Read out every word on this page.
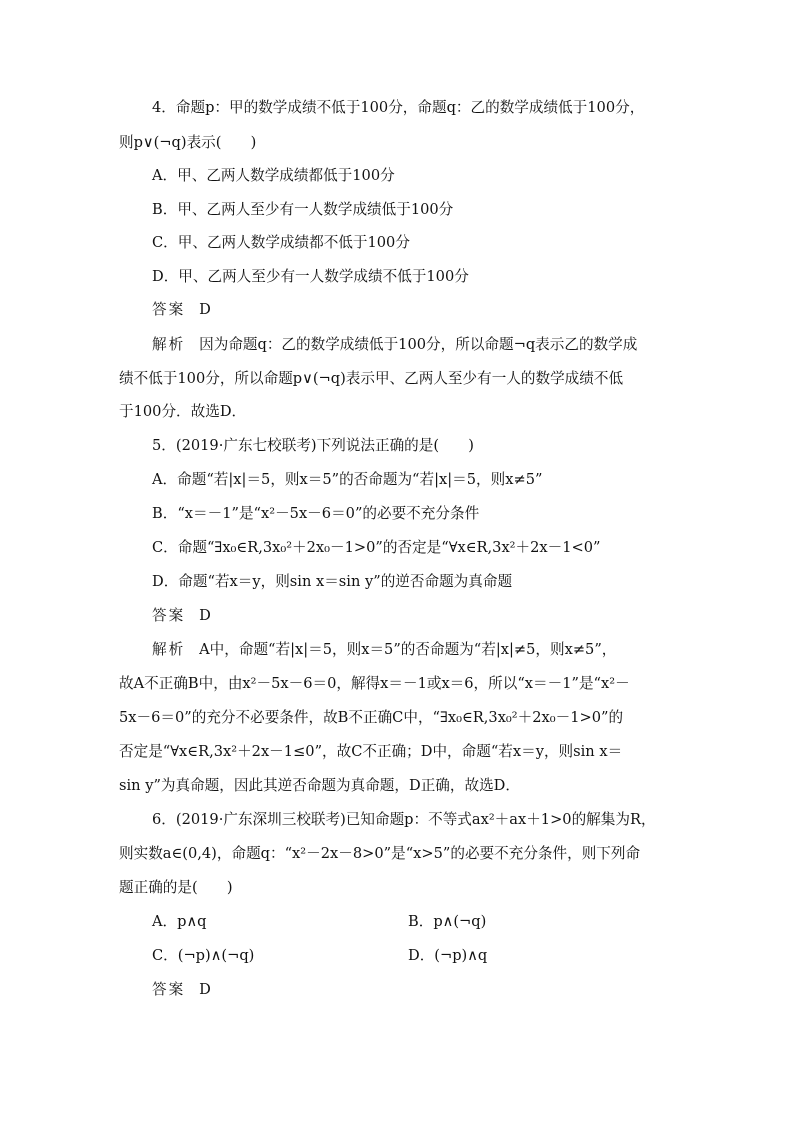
4．命题p：甲的数学成绩不低于100分，命题q：乙的数学成绩低于100分，
则p∨(¬q)表示(　　)
A．甲、乙两人数学成绩都低于100分
B．甲、乙两人至少有一人数学成绩低于100分
C．甲、乙两人数学成绩都不低于100分
D．甲、乙两人至少有一人数学成绩不低于100分
答案 D
解析 因为命题q：乙的数学成绩低于100分，所以命题¬q表示乙的数学成
绩不低于100分，所以命题p∨(¬q)表示甲、乙两人至少有一人的数学成绩不低
于100分．故选D．
5．(2019·广东七校联考)下列说法正确的是(　　)
A．命题“若|x|＝5，则x＝5”的否命题为“若|x|＝5，则x≠5”
B．“x＝－1”是“x²－5x－6＝0”的必要不充分条件
C．命题“∃x₀∈R,3x₀²＋2x₀－1>0”的否定是“∀x∈R,3x²＋2x－1<0”
D．命题“若x＝y，则sin x＝sin y”的逆否命题为真命题
答案 D
解析 A中，命题“若|x|＝5，则x＝5”的否命题为“若|x|≠5，则x≠5”，
故A不正确B中，由x²－5x－6＝0，解得x＝－1或x＝6，所以“x＝－1”是“x²－
5x－6＝0”的充分不必要条件，故B不正确C中，“∃x₀∈R,3x₀²＋2x₀－1>0”的
否定是“∀x∈R,3x²＋2x－1≤0”，故C不正确；D中，命题“若x＝y，则sin x＝
sin y”为真命题，因此其逆否命题为真命题，D正确，故选D．
6．(2019·广东深圳三校联考)已知命题p：不等式ax²＋ax＋1>0的解集为R，
则实数a∈(0,4)，命题q：“x²－2x－8>0”是“x>5”的必要不充分条件，则下列命
题正确的是(　　)
A．p∧q	B．p∧(¬q)
C．(¬p)∧(¬q)	D．(¬p)∧q
答案 D
